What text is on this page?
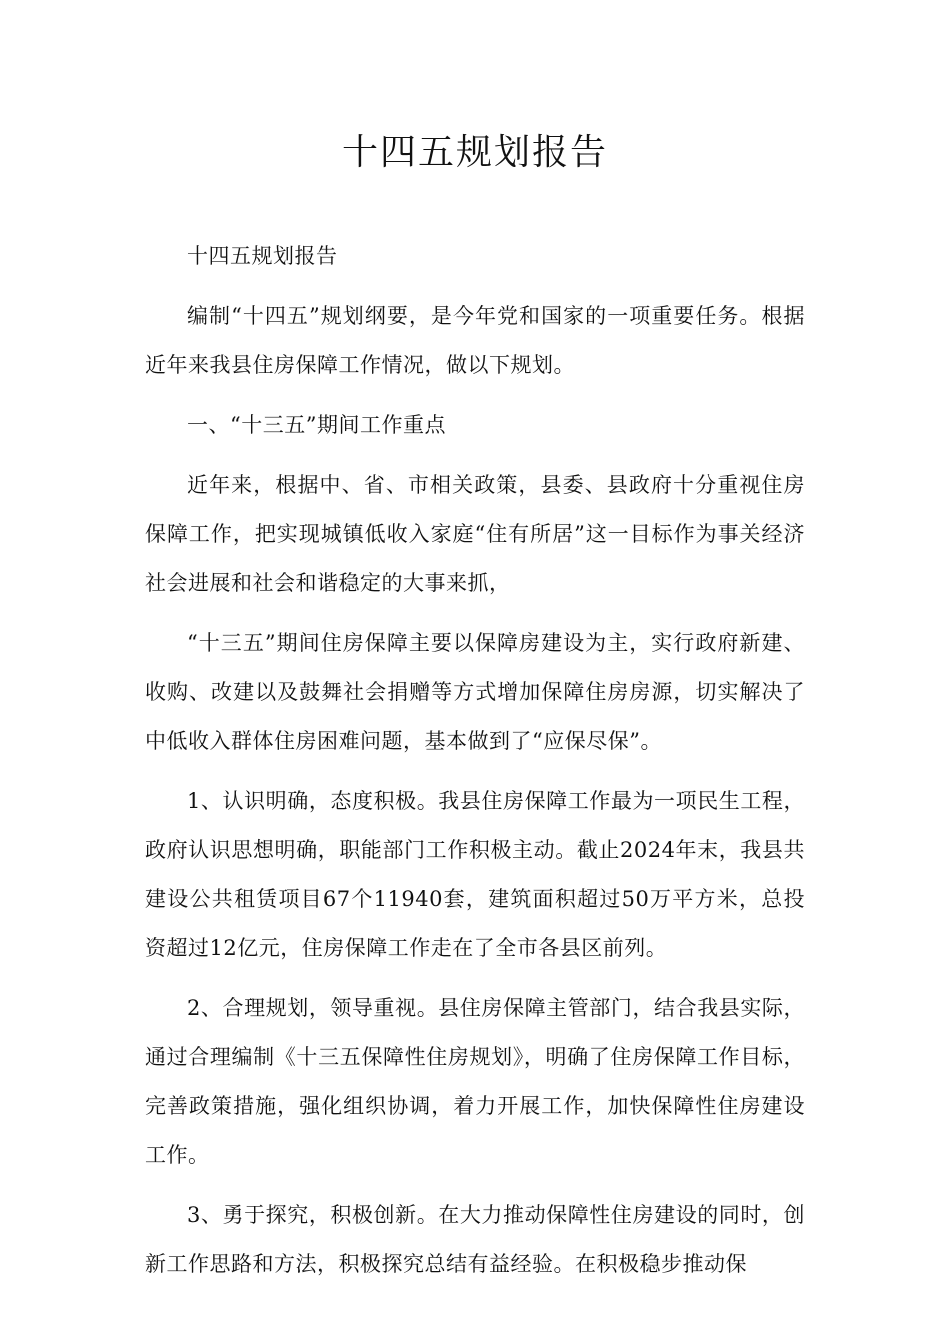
十四五规划报告

十四五规划报告

编制“十四五”规划纲要，是今年党和国家的一项重要任务。根据近年来我县住房保障工作情况，做以下规划。

一、“十三五”期间工作重点

近年来，根据中、省、市相关政策，县委、县政府十分重视住房保障工作，把实现城镇低收入家庭“住有所居”这一目标作为事关经济社会进展和社会和谐稳定的大事来抓，

“十三五”期间住房保障主要以保障房建设为主，实行政府新建、收购、改建以及鼓舞社会捐赠等方式增加保障住房房源，切实解决了中低收入群体住房困难问题，基本做到了“应保尽保”。

1、认识明确，态度积极。我县住房保障工作最为一项民生工程，政府认识思想明确，职能部门工作积极主动。截止2024年末，我县共建设公共租赁项目67个11940套，建筑面积超过50万平方米，总投资超过12亿元，住房保障工作走在了全市各县区前列。

2、合理规划，领导重视。县住房保障主管部门，结合我县实际，通过合理编制《十三五保障性住房规划》，明确了住房保障工作目标，完善政策措施，强化组织协调，着力开展工作，加快保障性住房建设工作。

3、勇于探究，积极创新。在大力推动保障性住房建设的同时，创新工作思路和方法，积极探究总结有益经验。在积极稳步推动保
